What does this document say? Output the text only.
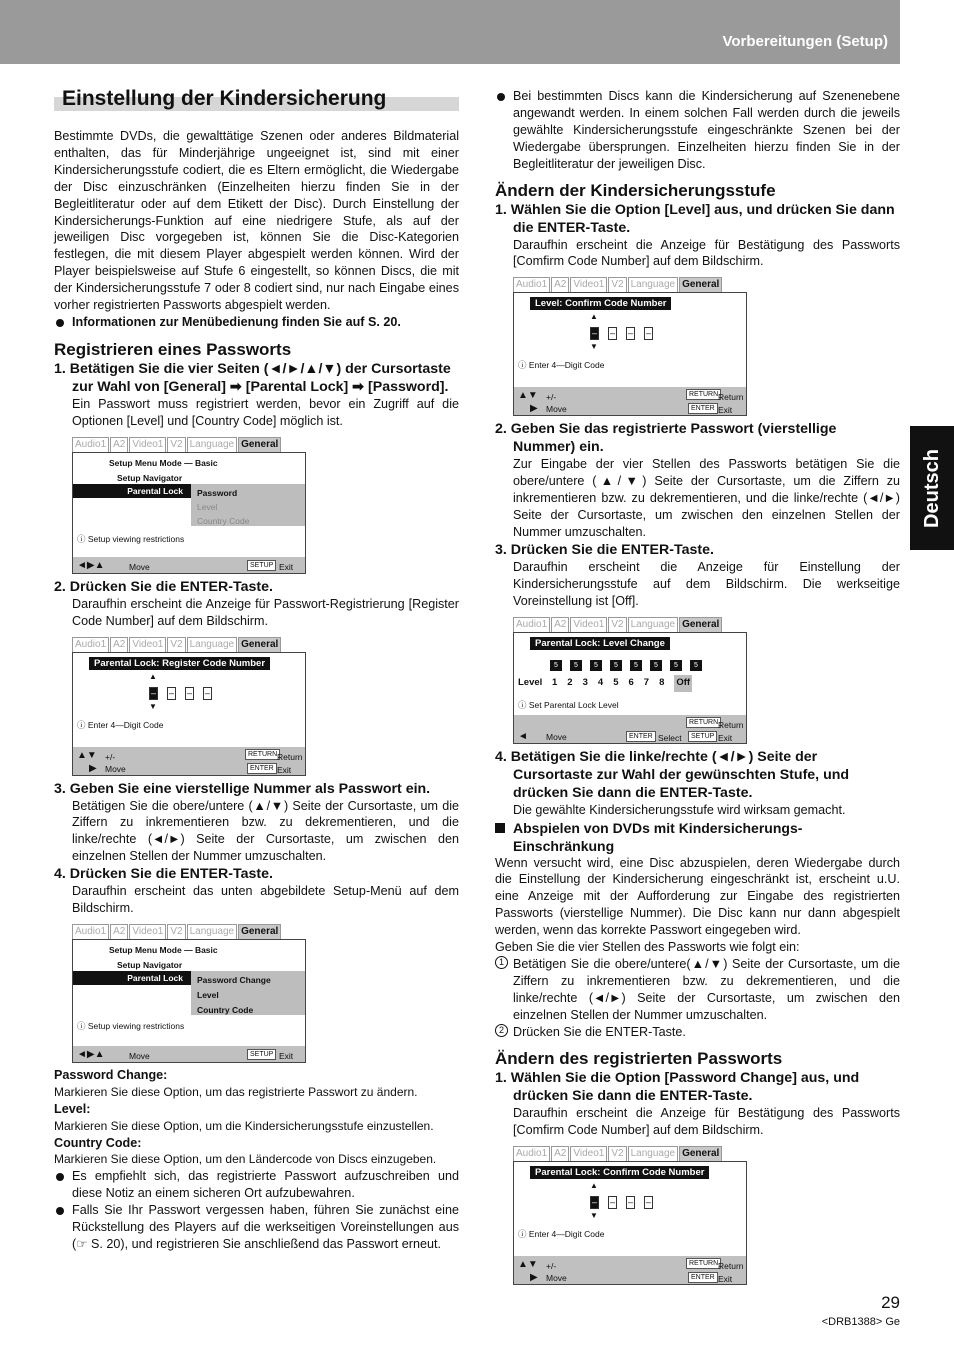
Vorbereitungen (Setup)
Deutsch
Einstellung der Kindersicherung

Bestimmte DVDs, die gewalttätige Szenen oder anderes Bildmaterial enthalten, das für Minderjährige ungeeignet ist, sind mit einer Kindersicherungsstufe codiert, die es Eltern ermöglicht, die Wiedergabe der Disc einzuschränken (Einzelheiten hierzu finden Sie in der Begleitliteratur oder auf dem Etikett der Disc). Durch Einstellung der Kindersicherungs-Funktion auf eine niedrigere Stufe, als auf der jeweiligen Disc vorgegeben ist, können Sie die Disc-Kategorien festlegen, die mit diesem Player abgespielt werden können. Wird der Player beispielsweise auf Stufe 6 eingestellt, so können Discs, die mit der Kindersicherungsstufe 7 oder 8 codiert sind, nur nach Eingabe eines vorher registrierten Passworts abgespielt werden.

Informationen zur Menübedienung finden Sie auf S. 20.

Registrieren eines Passworts

1. Betätigen Sie die vier Seiten (◄/►/▲/▼) der Cursortaste zur Wahl von [General] ➡ [Parental Lock] ➡ [Password].

Ein Passwort muss registriert werden, bevor ein Zugriff auf die Optionen [Level] und [Country Code] möglich ist.

Audio1 A2 Video1 V2 Language General
Setup Menu Mode — Basic
Setup Navigator
Parental Lock	Password
Level
Country Code
ⓘ Setup viewing restrictions
◄▶▲	Move	SETUP Exit

2. Drücken Sie die ENTER-Taste.

Daraufhin erscheint die Anzeige für Passwort-Registrierung [Register Code Number] auf dem Bildschirm.

Audio1 A2 Video1 V2 Language General
Parental Lock: Register Code Number
▲
– – – –
▼
ⓘ Enter 4—Digit Code
▲▼ +/-
▶ Move
RETURN Return
ENTER Exit

3. Geben Sie eine vierstellige Nummer als Passwort ein.

Betätigen Sie die obere/untere (▲/▼) Seite der Cursortaste, um die Ziffern zu inkrementieren bzw. zu dekrementieren, und die linke/rechte (◄/►) Seite der Cursortaste, um zwischen den einzelnen Stellen der Nummer umzuschalten.

4. Drücken Sie die ENTER-Taste.

Daraufhin erscheint das unten abgebildete Setup-Menü auf dem Bildschirm.

Audio1 A2 Video1 V2 Language General
Setup Menu Mode — Basic
Setup Navigator
Parental Lock	Password Change
Level
Country Code
ⓘ Setup viewing restrictions
◄▶▲	Move	SETUP Exit

Password Change:

Markieren Sie diese Option, um das registrierte Passwort zu ändern.

Level:

Markieren Sie diese Option, um die Kindersicherungsstufe einzustellen.

Country Code:

Markieren Sie diese Option, um den Ländercode von Discs einzugeben.

Es empfiehlt sich, das registrierte Passwort aufzuschreiben und diese Notiz an einem sicheren Ort aufzubewahren.

Falls Sie Ihr Passwort vergessen haben, führen Sie zunächst eine Rückstellung des Players auf die werkseitigen Voreinstellungen aus (☞ S. 20), und registrieren Sie anschließend das Passwort erneut.

Bei bestimmten Discs kann die Kindersicherung auf Szenenebene angewandt werden. In einem solchen Fall werden durch die jeweils gewählte Kindersicherungsstufe eingeschränkte Szenen bei der Wiedergabe übersprungen. Einzelheiten hierzu finden Sie in der Begleitliteratur der jeweiligen Disc.

Ändern der Kindersicherungsstufe

1. Wählen Sie die Option [Level] aus, und drücken Sie dann die ENTER-Taste.

Daraufhin erscheint die Anzeige für Bestätigung des Passworts [Comfirm Code Number] auf dem Bildschirm.

Audio1 A2 Video1 V2 Language General
Level: Confirm Code Number
▲
– – – –
▼
ⓘ Enter 4—Digit Code
▲▼ +/-
▶ Move
RETURN Return
ENTER Exit

2. Geben Sie das registrierte Passwort (vierstellige Nummer) ein.

Zur Eingabe der vier Stellen des Passworts betätigen Sie die obere/untere (▲/▼) Seite der Cursortaste, um die Ziffern zu inkrementieren bzw. zu dekrementieren, und die linke/rechte (◄/►) Seite der Cursortaste, um zwischen den einzelnen Stellen der Nummer umzuschalten.

3. Drücken Sie die ENTER-Taste.

Daraufhin erscheint die Anzeige für Einstellung der Kindersicherungsstufe auf dem Bildschirm. Die werkseitige Voreinstellung ist [Off].

Audio1 A2 Video1 V2 Language General
Parental Lock: Level Change
5 5 5 5 5 5 5 5
Level 1 2 3 4 5 6 7 8 Off
ⓘ Set Parental Lock Level
◄ Move	ENTER Select
RETURN Return
SETUP Exit

4. Betätigen Sie die linke/rechte (◄/►) Seite der Cursortaste zur Wahl der gewünschten Stufe, und drücken Sie dann die ENTER-Taste.

Die gewählte Kindersicherungsstufe wird wirksam gemacht.

Abspielen von DVDs mit Kindersicherungs-Einschränkung

Wenn versucht wird, eine Disc abzuspielen, deren Wiedergabe durch die Einstellung der Kindersicherung eingeschränkt ist, erscheint u.U. eine Anzeige mit der Aufforderung zur Eingabe des registrierten Passworts (vierstellige Nummer). Die Disc kann nur dann abgespielt werden, wenn das korrekte Passwort eingegeben wird.

Geben Sie die vier Stellen des Passworts wie folgt ein:

1 Betätigen Sie die obere/untere(▲/▼) Seite der Cursortaste, um die Ziffern zu inkrementieren bzw. zu dekrementieren, und die linke/rechte (◄/►) Seite der Cursortaste, um zwischen den einzelnen Stellen der Nummer umzuschalten.

2 Drücken Sie die ENTER-Taste.

Ändern des registrierten Passworts

1. Wählen Sie die Option [Password Change] aus, und drücken Sie dann die ENTER-Taste.

Daraufhin erscheint die Anzeige für Bestätigung des Passworts [Comfirm Code Number] auf dem Bildschirm.

Audio1 A2 Video1 V2 Language General
Parental Lock: Confirm Code Number
▲
– – – –
▼
ⓘ Enter 4—Digit Code
▲▼ +/-
▶ Move
RETURN Return
ENTER Exit
29
<DRB1388> Ge
